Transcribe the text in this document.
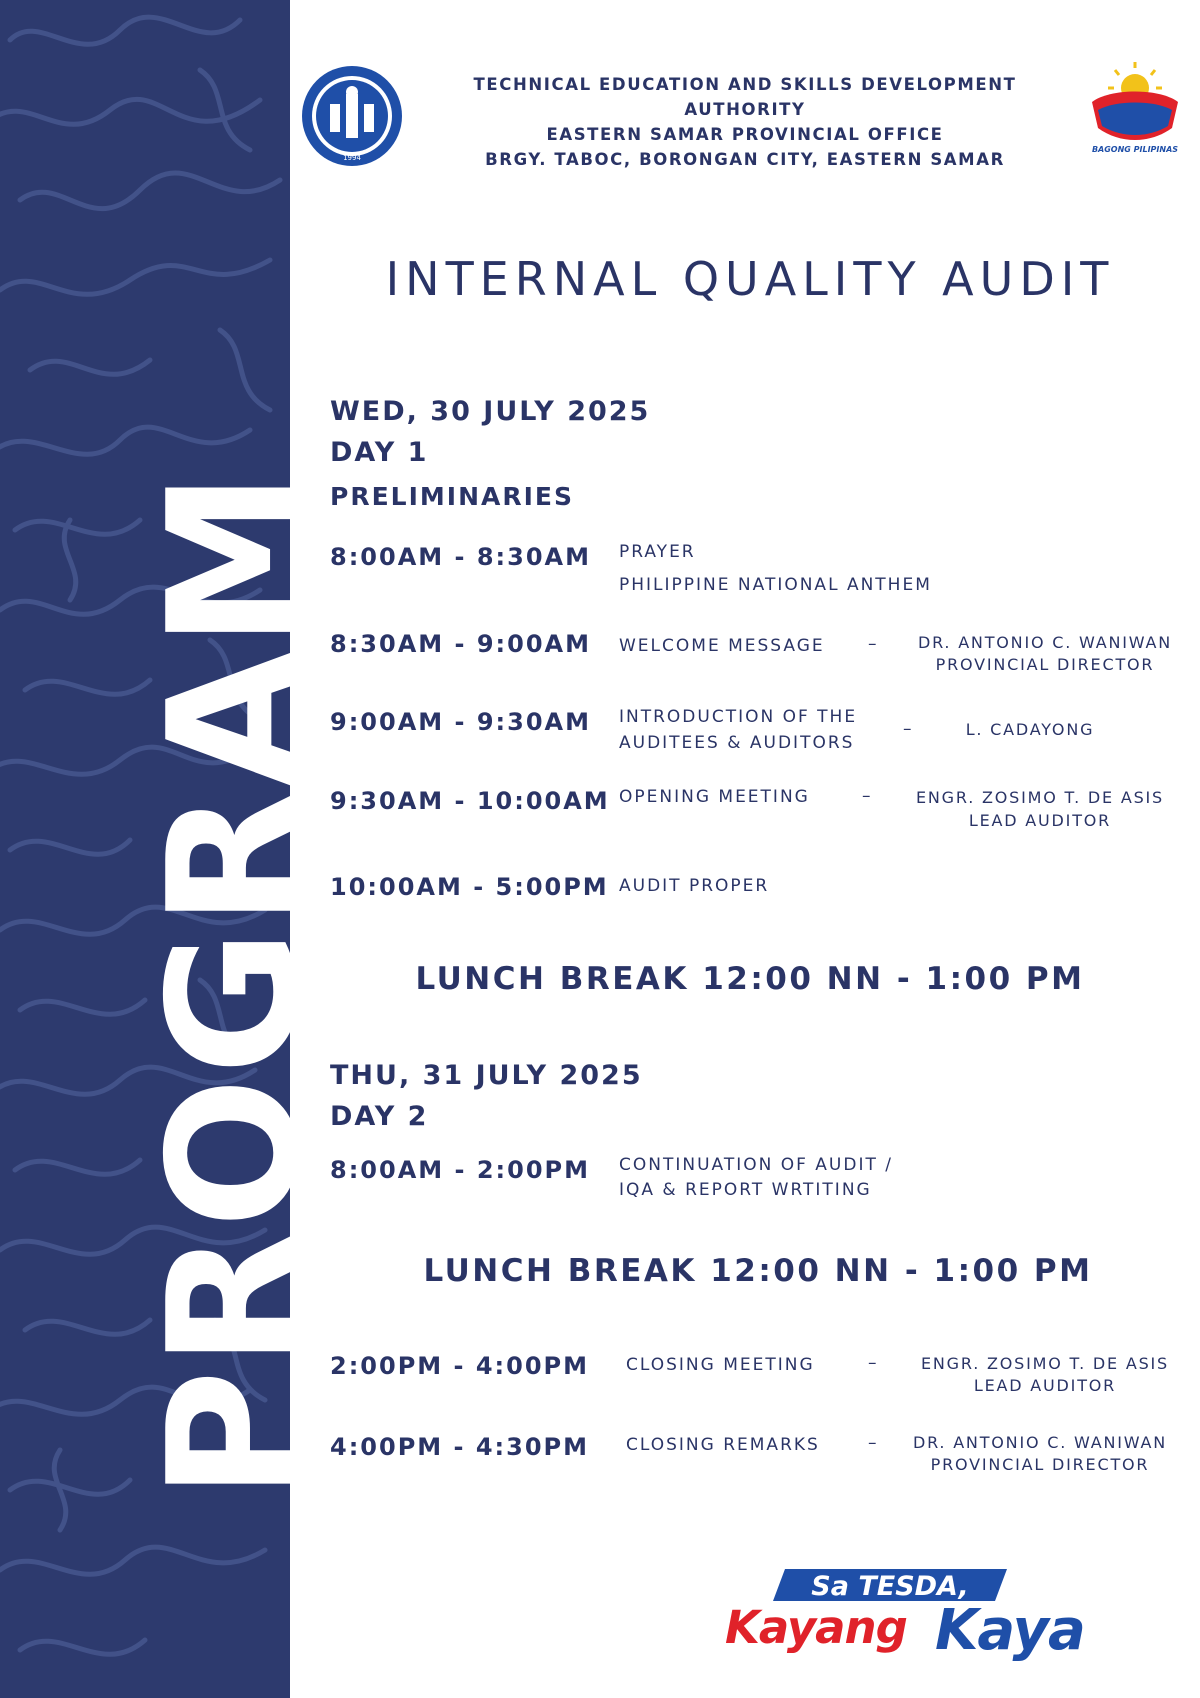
PROGRAM
1994
TECHNICAL EDUCATION AND SKILLS DEVELOPMENT AUTHORITY
EASTERN SAMAR PROVINCIAL OFFICE
BRGY. TABOC, BORONGAN CITY, EASTERN SAMAR
BAGONG PILIPINAS
INTERNAL QUALITY AUDIT
WED, 30 JULY 2025
DAY 1
PRELIMINARIES
8:00AM - 8:30AM PRAYER
PHILIPPINE NATIONAL ANTHEM
8:30AM - 9:00AM WELCOME MESSAGE	–	DR. ANTONIO C. WANIWAN
PROVINCIAL DIRECTOR
9:00AM - 9:30AM INTRODUCTION OF THE
AUDITEES & AUDITORS
–	L. CADAYONG
9:30AM - 10:00AM OPENING MEETING	–	ENGR. ZOSIMO T. DE ASIS
LEAD AUDITOR
10:00AM - 5:00PM AUDIT PROPER
LUNCH BREAK 12:00 NN - 1:00 PM
THU, 31 JULY 2025
DAY 2
8:00AM - 2:00PM CONTINUATION OF AUDIT /
IQA & REPORT WRTITING
LUNCH BREAK 12:00 NN - 1:00 PM
2:00PM - 4:00PM CLOSING MEETING	–	ENGR. ZOSIMO T. DE ASIS
LEAD AUDITOR
4:00PM - 4:30PM CLOSING REMARKS	–	DR. ANTONIO C. WANIWAN
PROVINCIAL DIRECTOR
Sa TESDA,
Kayang Kaya
